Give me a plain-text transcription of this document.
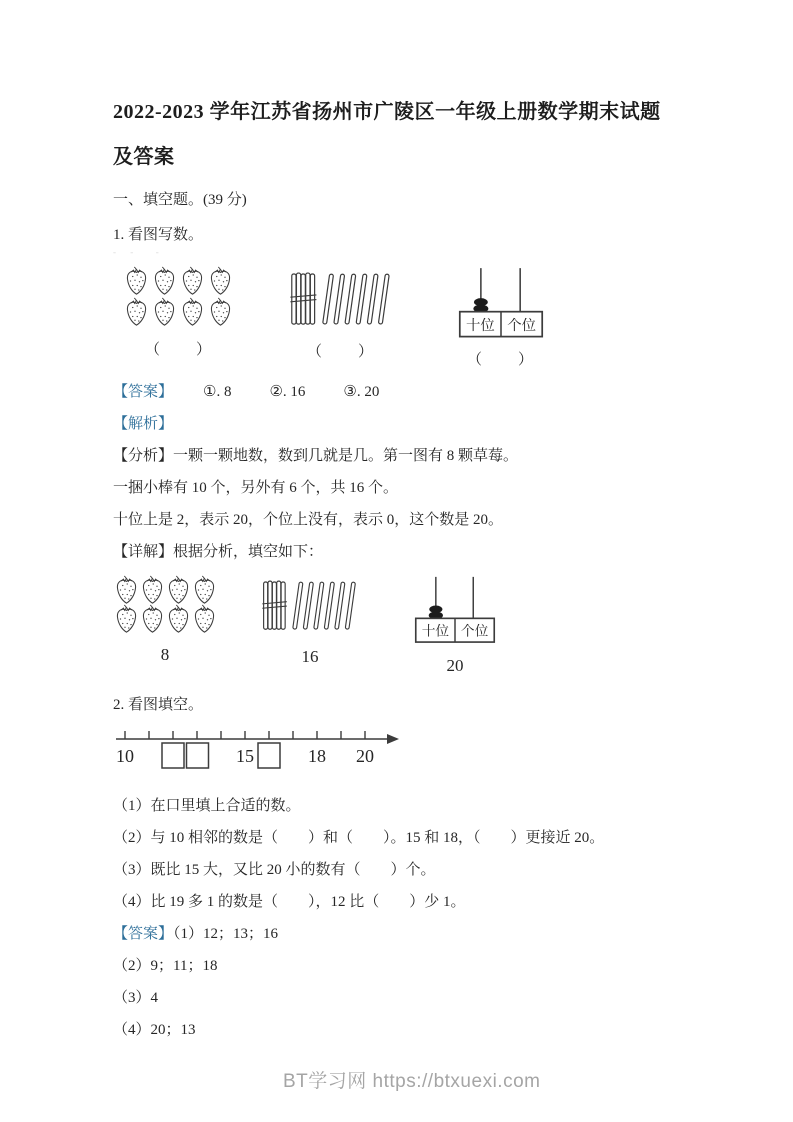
2022-2023 学年江苏省扬州市广陵区一年级上册数学期末试题及答案
一、填空题。(39 分)
1. 看图写数。
- -  -
（　　）	（　　）	（　　）
【答案】 ①. 8	②. 16	③. 20

【解析】

【分析】一颗一颗地数，数到几就是几。第一图有 8 颗草莓。

一捆小棒有 10 个，另外有 6 个，共 16 个。

十位上是 2，表示 20，个位上没有，表示 0，这个数是 20。

【详解】根据分析，填空如下：

8	16	20
2. 看图填空。
10	15	18 20

（1）在口里填上合适的数。

（2）与 10 相邻的数是（　　）和（　　）。15 和 18，（　　）更接近 20。

（3）既比 15 大，又比 20 小的数有（　　）个。

（4）比 19 多 1 的数是（　　），12 比（　　）少 1。

【答案】（1）12；13；16

（2）9；11；18

（3）4

（4）20；13

BT学习网 https://btxuexi.com
